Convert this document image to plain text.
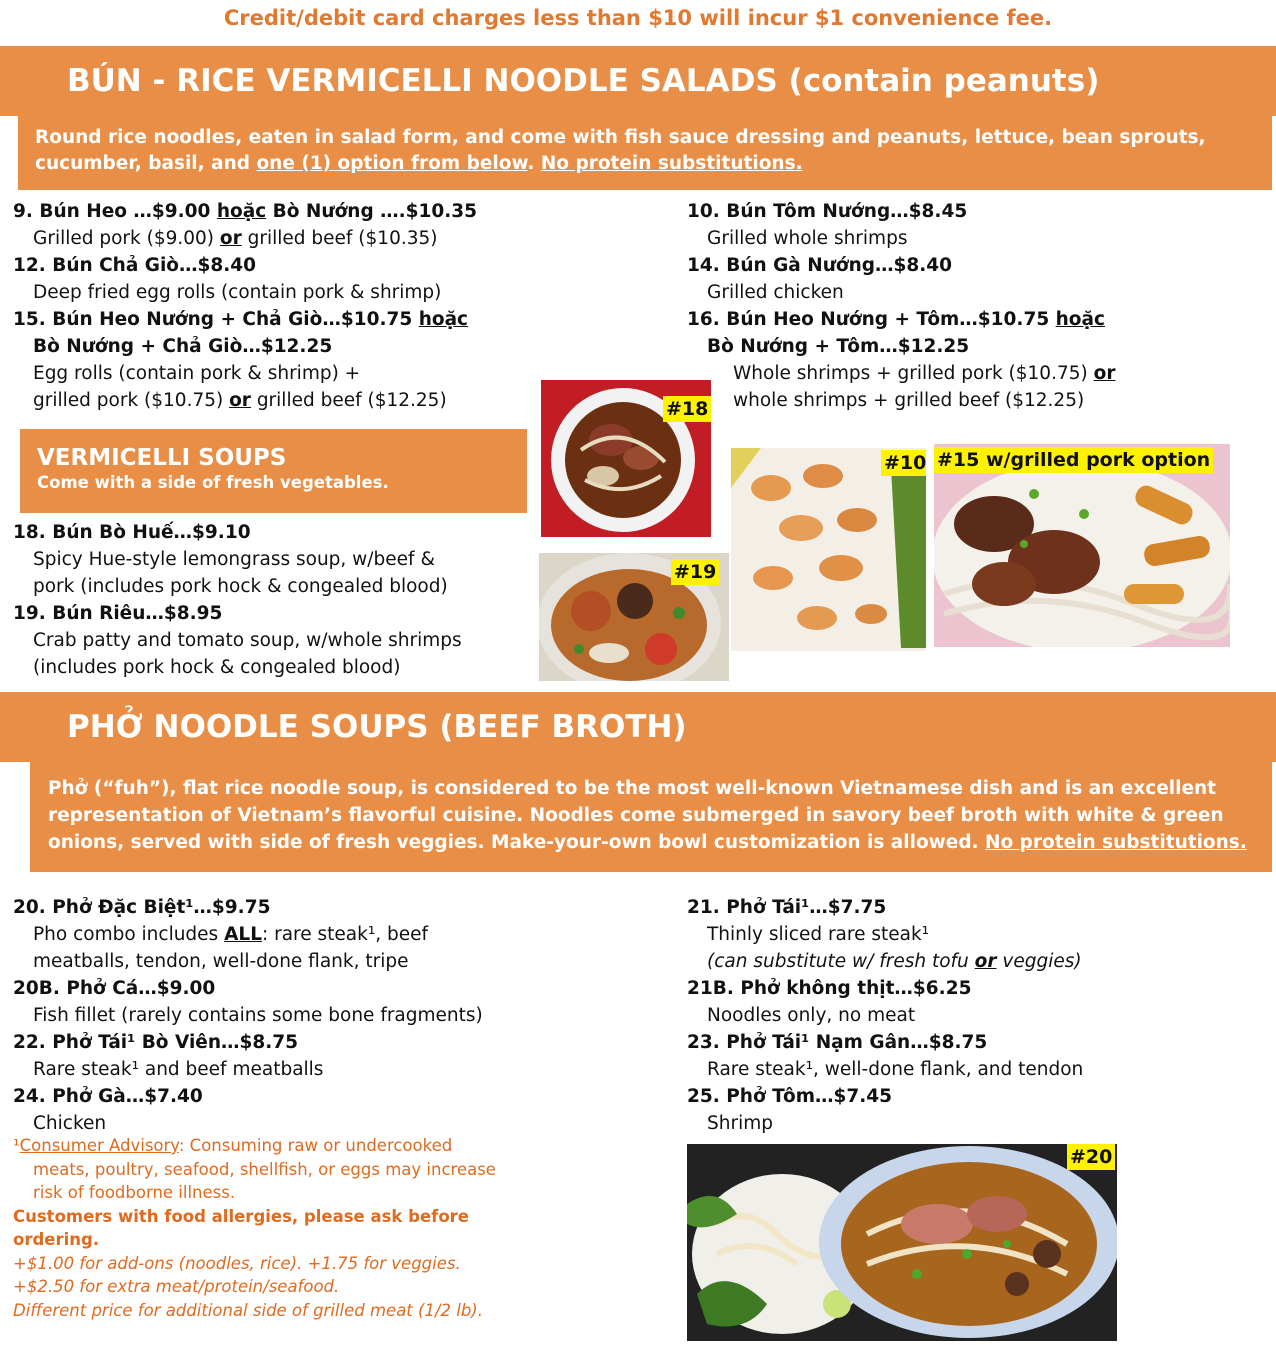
Credit/debit card charges less than $10 will incur $1 convenience fee.
BÚN - RICE VERMICELLI NOODLE SALADS (contain peanuts)
Round rice noodles, eaten in salad form, and come with fish sauce dressing and peanuts, lettuce, bean sprouts, cucumber, basil, and one (1) option from below. No protein substitutions.
9. Bún Heo …$9.00 hoặc Bò Nướng ….$10.35
Grilled pork ($9.00) or grilled beef ($10.35)
12. Bún Chả Giò…$8.40
Deep fried egg rolls (contain pork & shrimp)
15. Bún Heo Nướng + Chả Giò…$10.75 hoặc
Bò Nướng + Chả Giò…$12.25
Egg rolls (contain pork & shrimp) +
grilled pork ($10.75) or grilled beef ($12.25)
10. Bún Tôm Nướng…$8.45
Grilled whole shrimps
14. Bún Gà Nướng…$8.40
Grilled chicken
16. Bún Heo Nướng + Tôm…$10.75 hoặc
Bò Nướng + Tôm…$12.25
Whole shrimps + grilled pork ($10.75) or
whole shrimps + grilled beef ($12.25)
VERMICELLI SOUPS
Come with a side of fresh vegetables.
18. Bún Bò Huế…$9.10
Spicy Hue-style lemongrass soup, w/beef &
pork (includes pork hock & congealed blood)
19. Bún Riêu…$8.95
Crab patty and tomato soup, w/whole shrimps
(includes pork hock & congealed blood)
#18
#19
#10 #15 w/grilled pork option
PHỞ NOODLE SOUPS (BEEF BROTH)
Phở (“fuh”), flat rice noodle soup, is considered to be the most well-known Vietnamese dish and is an excellent representation of Vietnam’s flavorful cuisine. Noodles come submerged in savory beef broth with white & green onions, served with side of fresh veggies. Make-your-own bowl customization is allowed. No protein substitutions.
20. Phở Đặc Biệt¹…$9.75
Pho combo includes ALL: rare steak¹, beef
meatballs, tendon, well-done flank, tripe
20B. Phở Cá…$9.00
Fish fillet (rarely contains some bone fragments)
22. Phở Tái¹ Bò Viên…$8.75
Rare steak¹ and beef meatballs
24. Phở Gà…$7.40
Chicken
21. Phở Tái¹…$7.75
Thinly sliced rare steak¹
(can substitute w/ fresh tofu or veggies)
21B. Phở không thịt…$6.25
Noodles only, no meat
23. Phở Tái¹ Nạm Gân…$8.75
Rare steak¹, well-done flank, and tendon
25. Phở Tôm…$7.45
Shrimp
¹Consumer Advisory: Consuming raw or undercooked
meats, poultry, seafood, shellfish, or eggs may increase
risk of foodborne illness.
Customers with food allergies, please ask before
ordering.
+$1.00 for add-ons (noodles, rice). +1.75 for veggies.
+$2.50 for extra meat/protein/seafood.
Different price for additional side of grilled meat (1/2 lb).
#20
